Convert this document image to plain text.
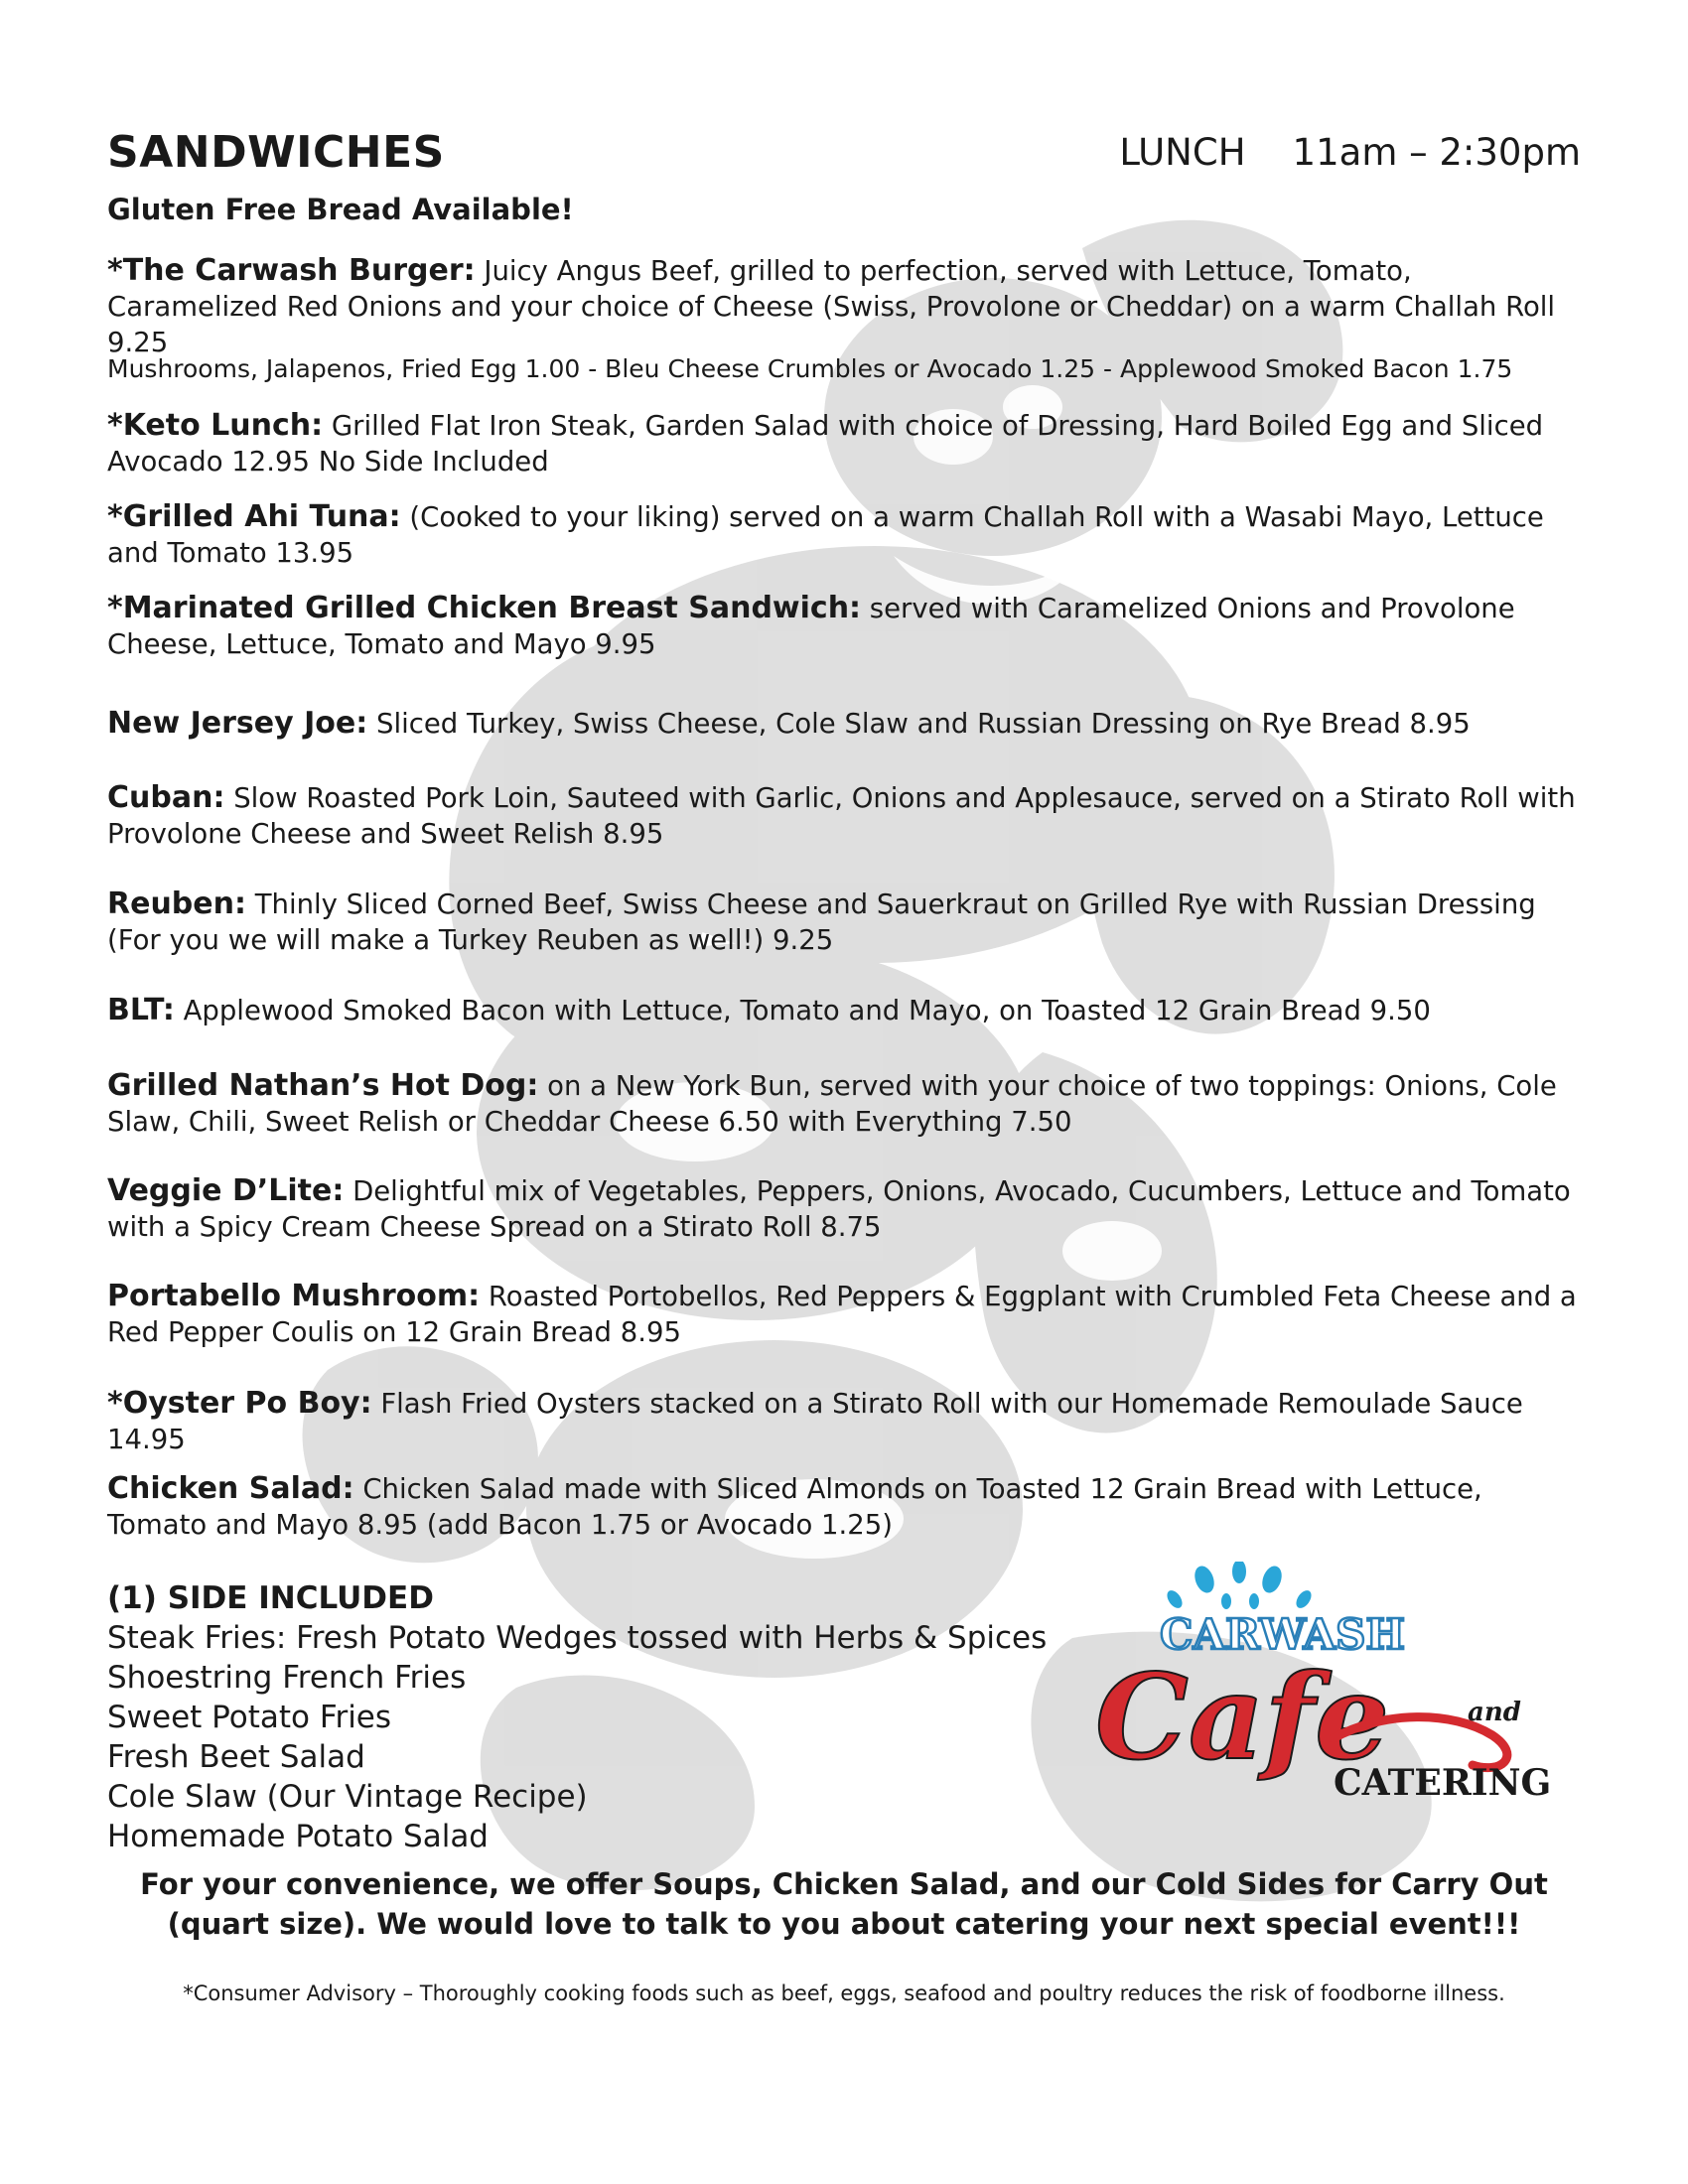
SANDWICHES	LUNCH    11am – 2:30pm
Gluten Free Bread Available!
*The Carwash Burger: Juicy Angus Beef, grilled to perfection, served with Lettuce, Tomato, Caramelized Red Onions and your choice of Cheese (Swiss, Provolone or Cheddar) on a warm Challah Roll 9.25
Mushrooms, Jalapenos, Fried Egg 1.00 - Bleu Cheese Crumbles or Avocado 1.25 - Applewood Smoked Bacon 1.75
*Keto Lunch: Grilled Flat Iron Steak, Garden Salad with choice of Dressing, Hard Boiled Egg and Sliced Avocado 12.95 No Side Included
*Grilled Ahi Tuna: (Cooked to your liking) served on a warm Challah Roll with a Wasabi Mayo, Lettuce and Tomato 13.95
*Marinated Grilled Chicken Breast Sandwich: served with Caramelized Onions and Provolone Cheese, Lettuce, Tomato and Mayo 9.95
New Jersey Joe: Sliced Turkey, Swiss Cheese, Cole Slaw and Russian Dressing on Rye Bread 8.95
Cuban: Slow Roasted Pork Loin, Sauteed with Garlic, Onions and Applesauce, served on a Stirato Roll with Provolone Cheese and Sweet Relish 8.95
Reuben: Thinly Sliced Corned Beef, Swiss Cheese and Sauerkraut on Grilled Rye with Russian Dressing (For you we will make a Turkey Reuben as well!) 9.25
BLT: Applewood Smoked Bacon with Lettuce, Tomato and Mayo, on Toasted 12 Grain Bread 9.50
Grilled Nathan’s Hot Dog: on a New York Bun, served with your choice of two toppings: Onions, Cole Slaw, Chili, Sweet Relish or Cheddar Cheese 6.50 with Everything 7.50
Veggie D’Lite: Delightful mix of Vegetables, Peppers, Onions, Avocado, Cucumbers, Lettuce and Tomato with a Spicy Cream Cheese Spread on a Stirato Roll 8.75
Portabello Mushroom: Roasted Portobellos, Red Peppers & Eggplant with Crumbled Feta Cheese and a Red Pepper Coulis on 12 Grain Bread 8.95
*Oyster Po Boy: Flash Fried Oysters stacked on a Stirato Roll with our Homemade Remoulade Sauce 14.95
Chicken Salad: Chicken Salad made with Sliced Almonds on Toasted 12 Grain Bread with Lettuce, Tomato and Mayo 8.95 (add Bacon 1.75 or Avocado 1.25)
(1) SIDE INCLUDED
Steak Fries: Fresh Potato Wedges tossed with Herbs & Spices
Shoestring French Fries
Sweet Potato Fries
Fresh Beet Salad
Cole Slaw (Our Vintage Recipe)
Homemade Potato Salad
CARWASH
Cafe	and
CATERING
For your convenience, we offer Soups, Chicken Salad, and our Cold Sides for Carry Out
(quart size). We would love to talk to you about catering your next special event!!!
*Consumer Advisory – Thoroughly cooking foods such as beef, eggs, seafood and poultry reduces the risk of foodborne illness.
